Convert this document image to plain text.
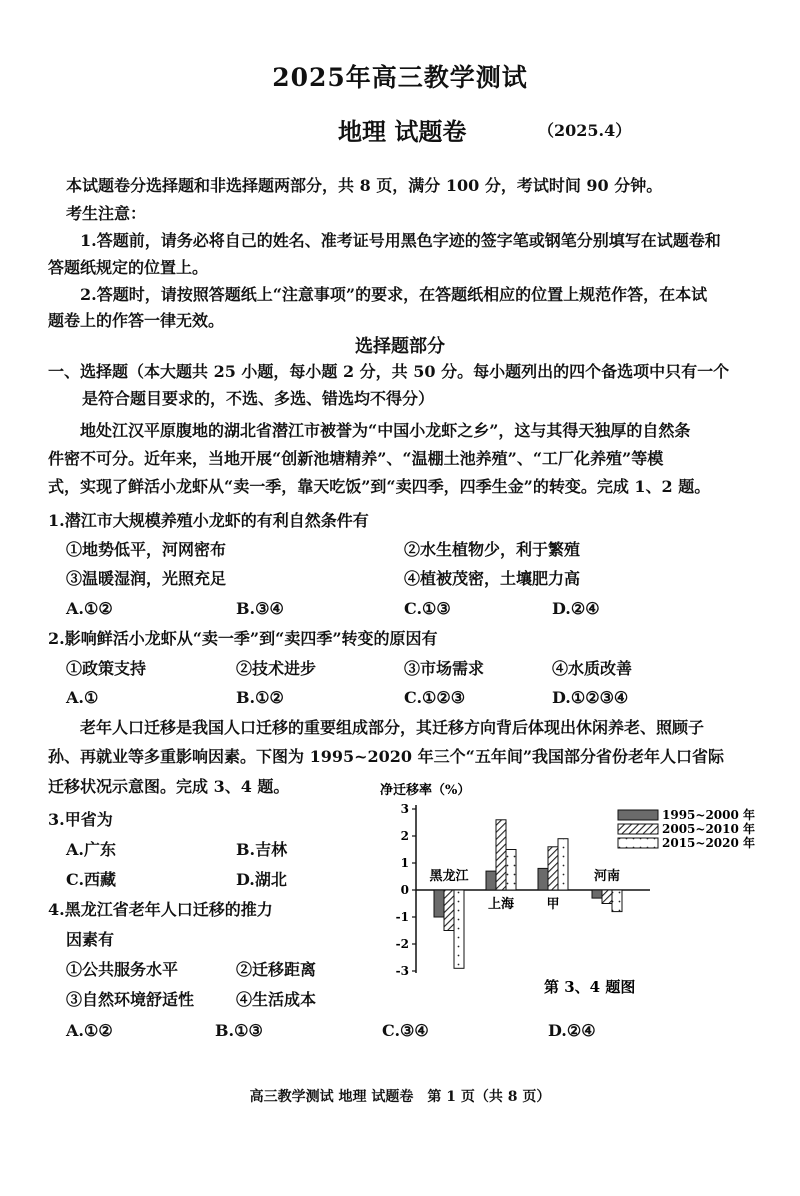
2025年高三教学测试
地理 试题卷	（2025.4）
本试题卷分选择题和非选择题两部分，共 8 页，满分 100 分，考试时间 90 分钟。
考生注意：
1.答题前，请务必将自己的姓名、准考证号用黑色字迹的签字笔或钢笔分别填写在试题卷和
答题纸规定的位置上。
2.答题时，请按照答题纸上“注意事项”的要求，在答题纸相应的位置上规范作答，在本试
题卷上的作答一律无效。
选择题部分
一、选择题（本大题共 25 小题，每小题 2 分，共 50 分。每小题列出的四个备选项中只有一个
是符合题目要求的，不选、多选、错选均不得分）
地处江汉平原腹地的湖北省潜江市被誉为“中国小龙虾之乡”，这与其得天独厚的自然条
件密不可分。近年来，当地开展“创新池塘精养”、“温棚土池养殖”、“工厂化养殖”等模
式，实现了鲜活小龙虾从“卖一季，靠天吃饭”到“卖四季，四季生金”的转变。完成 1、2 题。
1.潜江市大规模养殖小龙虾的有利自然条件有
①地势低平，河网密布	②水生植物少，利于繁殖
③温暖湿润，光照充足	④植被茂密，土壤肥力高
A.①②	B.③④	C.①③	D.②④
2.影响鲜活小龙虾从“卖一季”到“卖四季”转变的原因有
①政策支持	②技术进步	③市场需求	④水质改善
A.①	B.①②	C.①②③	D.①②③④
老年人口迁移是我国人口迁移的重要组成部分，其迁移方向背后体现出休闲养老、照顾子
孙、再就业等多重影响因素。下图为 1995~2020 年三个“五年间”我国部分省份老年人口省际
迁移状况示意图。完成 3、4 题。
3.甲省为
A.广东	B.吉林
C.西藏	D.湖北
4.黑龙江省老年人口迁移的推力
因素有
①公共服务水平	②迁移距离
③自然环境舒适性	④生活成本
A.①②	B.①③	C.③④	D.②④
净迁移率（%）
3
2
1
0
-1
-2
-3
黑龙江
上海 甲
河南
1995~2000 年
2005~2010 年
2015~2020 年
第 3、4 题图
高三教学测试 地理 试题卷　第 1 页（共 8 页）
